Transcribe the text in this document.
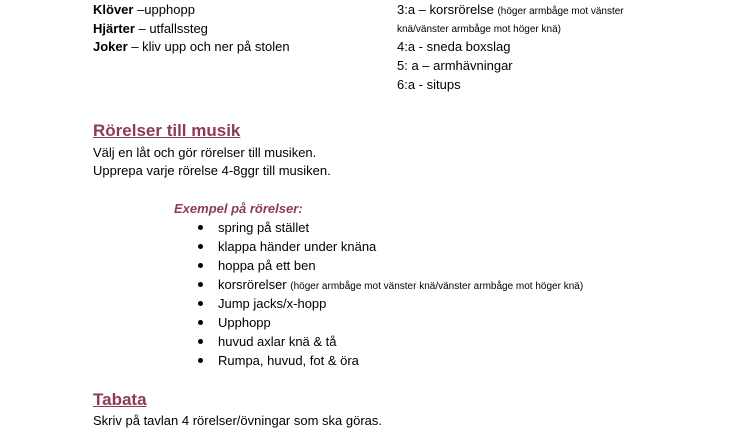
Klöver –upphopp
Hjärter – utfallssteg
Joker – kliv upp och ner på stolen
3:a – korsrörelse (höger armbåge mot vänster
knä/vänster armbåge mot höger knä)
4:a - sneda boxslag
5: a – armhävningar
6:a - situps
Rörelser till musik
Välj en låt och gör rörelser till musiken.
Upprepa varje rörelse 4-8ggr till musiken.
Exempel på rörelser:
spring på stället
klappa händer under knäna
hoppa på ett ben
korsrörelser (höger armbåge mot vänster knä/vänster armbåge mot höger knä)
Jump jacks/x-hopp
Upphopp
huvud axlar knä & tå
Rumpa, huvud, fot & öra
Tabata
Skriv på tavlan 4 rörelser/övningar som ska göras.
